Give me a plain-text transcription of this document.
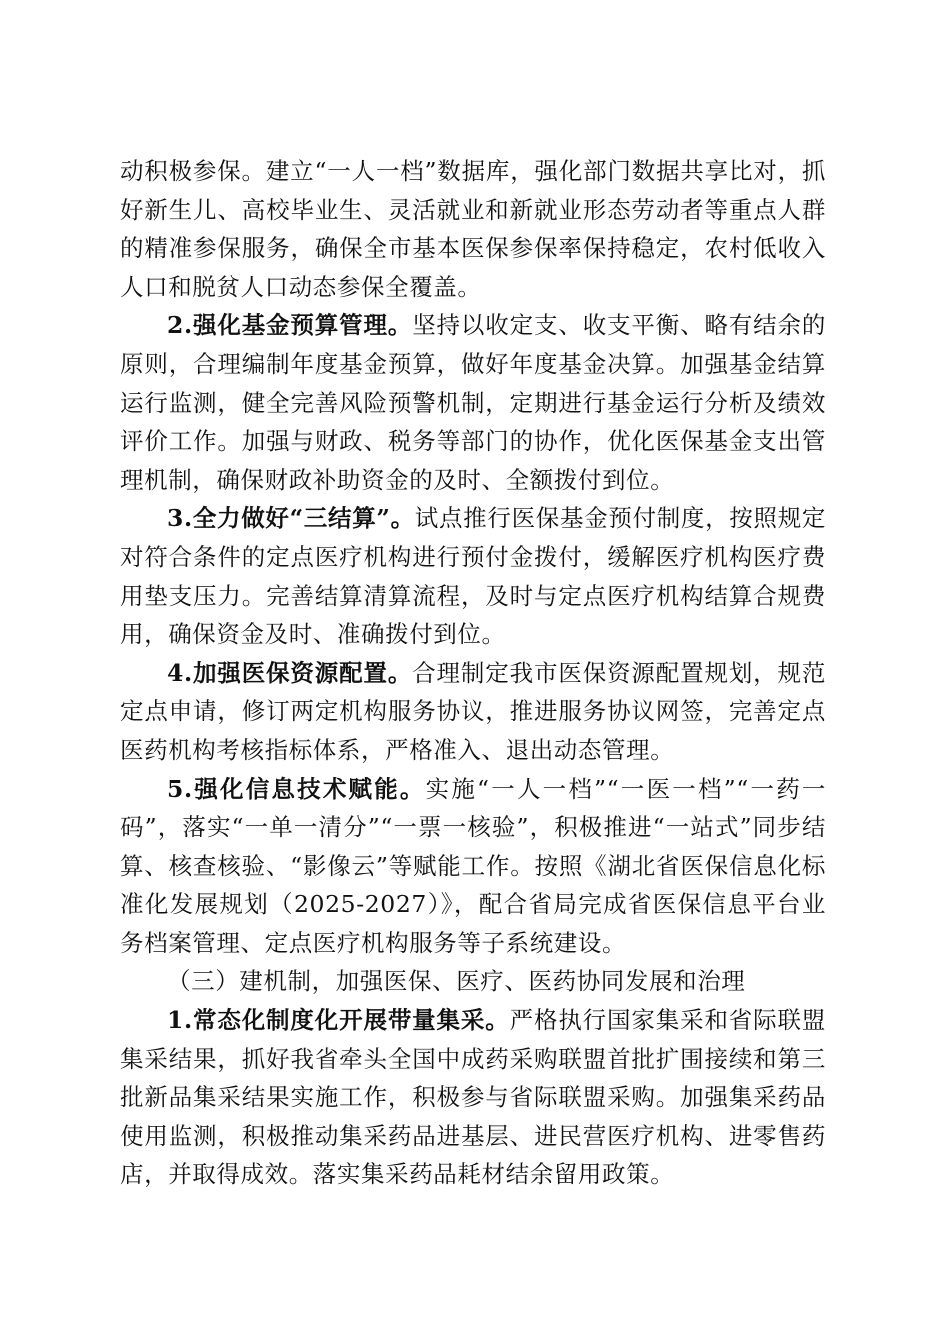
动积极参保。建立“一人一档”数据库，强化部门数据共享比对，抓好新生儿、高校毕业生、灵活就业和新就业形态劳动者等重点人群的精准参保服务，确保全市基本医保参保率保持稳定，农村低收入人口和脱贫人口动态参保全覆盖。

2.强化基金预算管理。坚持以收定支、收支平衡、略有结余的原则，合理编制年度基金预算，做好年度基金决算。加强基金结算运行监测，健全完善风险预警机制，定期进行基金运行分析及绩效评价工作。加强与财政、税务等部门的协作，优化医保基金支出管理机制，确保财政补助资金的及时、全额拨付到位。

3.全力做好“三结算”。试点推行医保基金预付制度，按照规定对符合条件的定点医疗机构进行预付金拨付，缓解医疗机构医疗费用垫支压力。完善结算清算流程，及时与定点医疗机构结算合规费用，确保资金及时、准确拨付到位。

4.加强医保资源配置。合理制定我市医保资源配置规划，规范定点申请，修订两定机构服务协议，推进服务协议网签，完善定点医药机构考核指标体系，严格准入、退出动态管理。

5.强化信息技术赋能。实施“一人一档”“一医一档”“一药一码”，落实“一单一清分”“一票一核验”，积极推进“一站式”同步结算、核查核验、“影像云”等赋能工作。按照《湖北省医保信息化标准化发展规划（2025-2027）》，配合省局完成省医保信息平台业务档案管理、定点医疗机构服务等子系统建设。

（三）建机制，加强医保、医疗、医药协同发展和治理

1.常态化制度化开展带量集采。严格执行国家集采和省际联盟集采结果，抓好我省牵头全国中成药采购联盟首批扩围接续和第三批新品集采结果实施工作，积极参与省际联盟采购。加强集采药品使用监测，积极推动集采药品进基层、进民营医疗机构、进零售药店，并取得成效。落实集采药品耗材结余留用政策。
